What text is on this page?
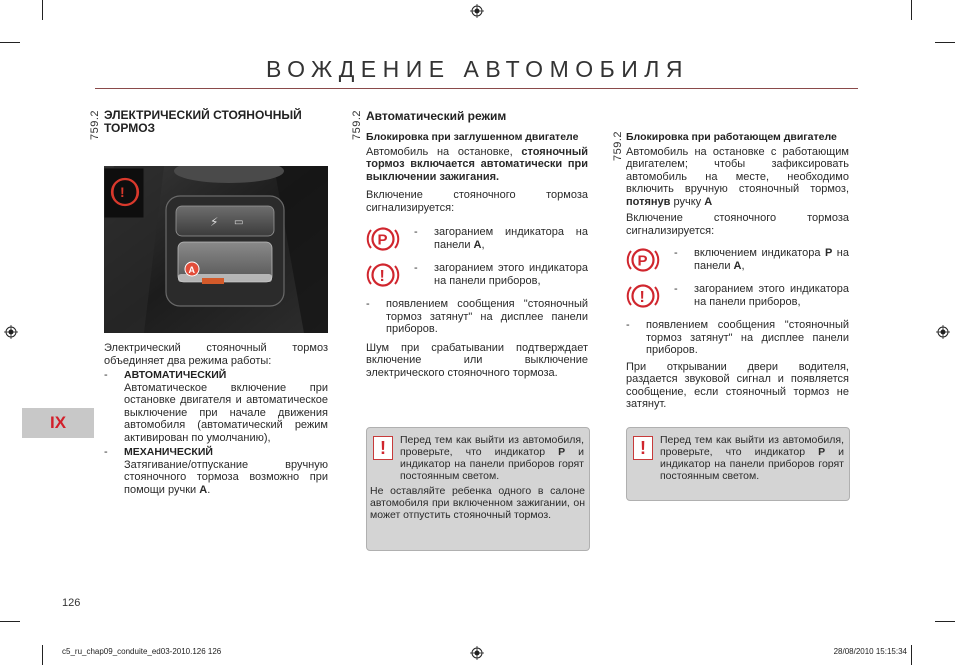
ВОЖДЕНИЕ АВТОМОБИЛЯ
759.2 ЭЛЕКТРИЧЕСКИЙ СТОЯНОЧНЫЙ ТОРМОЗ
⚡ ▭
A
!

Электрический стояночный тормоз объединяет два режима работы:

- АВТОМАТИЧЕСКИЙ

Автоматическое включение при остановке двигателя и автоматическое выключение при начале движения автомобиля (автоматический режим активирован по умолчанию),

- МЕХАНИЧЕСКИЙ

Затягивание/отпускание вручную стояночного тормоза возможно при помощи ручки A.

IX
759.2 Автоматический режим
Блокировка при заглушенном двигателе

Автомобиль на остановке, стояночный тормоз включается автоматически при выключении зажигания.

Включение стояночного тормоза сигнализируется:

P -	загоранием индикатора на панели A,
!	-	загоранием этого индикатора на панели приборов,
- появлением сообщения "стояночный тормоз затянут" на дисплее панели приборов.

Шум при срабатывании подтверждает включение или выключение электрического стояночного тормоза.

!	Перед тем как выйти из автомобиля, проверьте, что индикатор P и индикатор на панели приборов горят постоянным светом.

Не оставляйте ребенка одного в салоне автомобиля при включенном зажигании, он может отпустить стояночный тормоз.

759.2 Блокировка при работающем двигателе

Автомобиль на остановке с работающим двигателем; чтобы зафиксировать автомобиль на месте, необходимо включить вручную стояночный тормоз, потянув ручку A

Включение стояночного тормоза сигнализируется:

P -	включением индикатора P на панели A,
!	-	загоранием этого индикатора на панели приборов,
- появлением сообщения "стояночный тормоз затянут" на дисплее панели приборов.

При открывании двери водителя, раздается звуковой сигнал и появляется сообщение, если стояночный тормоз не затянут.

!	Перед тем как выйти из автомобиля, проверьте, что индикатор P и индикатор на панели приборов горят постоянным светом.

126
c5_ru_chap09_conduite_ed03-2010.126 126	28/08/2010 15:15:34
